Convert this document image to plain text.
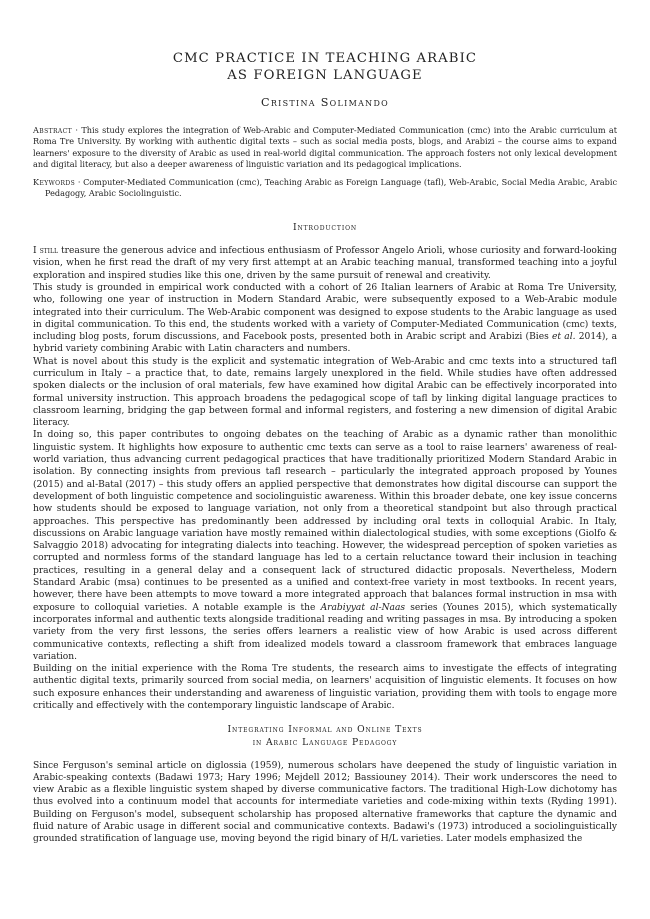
CMC PRACTICE IN TEACHING ARABIC
AS FOREIGN LANGUAGE
Cristina Solimando

Abstract · This study explores the integration of Web-Arabic and Computer-Mediated Communication (cmc) into the Arabic curriculum at Roma Tre University. By working with authentic digital texts – such as social media posts, blogs, and Arabizi – the course aims to expand learners' exposure to the diversity of Arabic as used in real-world digital communication. The approach fosters not only lexical development and digital literacy, but also a deeper awareness of linguistic variation and its pedagogical implications.

Keywords · Computer-Mediated Communication (cmc), Teaching Arabic as Foreign Language (tafl), Web-Arabic, Social Media Arabic, Arabic Pedagogy, Arabic Sociolinguistic.

Introduction

I still treasure the generous advice and infectious enthusiasm of Professor Angelo Arioli, whose curiosity and forward-looking vision, when he first read the draft of my very first attempt at an Arabic teaching manual, transformed teaching into a joyful exploration and inspired studies like this one, driven by the same pursuit of renewal and creativity.

This study is grounded in empirical work conducted with a cohort of 26 Italian learners of Arabic at Roma Tre University, who, following one year of instruction in Modern Standard Arabic, were subsequently exposed to a Web-Arabic module integrated into their curriculum. The Web-Arabic component was designed to expose students to the Arabic language as used in digital communication. To this end, the students worked with a variety of Computer-Mediated Communication (cmc) texts, including blog posts, forum discussions, and Facebook posts, presented both in Arabic script and Arabizi (Bies et al. 2014), a hybrid variety combining Arabic with Latin characters and numbers.

What is novel about this study is the explicit and systematic integration of Web-Arabic and cmc texts into a structured tafl curriculum in Italy – a practice that, to date, remains largely unexplored in the field. While studies have often addressed spoken dialects or the inclusion of oral materials, few have examined how digital Arabic can be effectively incorporated into formal university instruction. This approach broadens the pedagogical scope of tafl by linking digital language practices to classroom learning, bridging the gap between formal and informal registers, and fostering a new dimension of digital Arabic literacy.

In doing so, this paper contributes to ongoing debates on the teaching of Arabic as a dynamic rather than monolithic linguistic system. It highlights how exposure to authentic cmc texts can serve as a tool to raise learners' awareness of real-world variation, thus advancing current pedagogical practices that have traditionally prioritized Modern Standard Arabic in isolation. By connecting insights from previous tafl research – particularly the integrated approach proposed by Younes (2015) and al-Batal (2017) – this study offers an applied perspective that demonstrates how digital discourse can support the development of both linguistic competence and sociolinguistic awareness. Within this broader debate, one key issue concerns how students should be exposed to language variation, not only from a theoretical standpoint but also through practical approaches. This perspective has predominantly been addressed by including oral texts in colloquial Arabic. In Italy, discussions on Arabic language variation have mostly remained within dialectological studies, with some exceptions (Giolfo & Salvaggio 2018) advocating for integrating dialects into teaching. However, the widespread perception of spoken varieties as corrupted and normless forms of the standard language has led to a certain reluctance toward their inclusion in teaching practices, resulting in a general delay and a consequent lack of structured didactic proposals. Nevertheless, Modern Standard Arabic (msa) continues to be presented as a unified and context-free variety in most textbooks. In recent years, however, there have been attempts to move toward a more integrated approach that balances formal instruction in msa with exposure to colloquial varieties. A notable example is the Arabiyyat al-Naas series (Younes 2015), which systematically incorporates informal and authentic texts alongside traditional reading and writing passages in msa. By introducing a spoken variety from the very first lessons, the series offers learners a realistic view of how Arabic is used across different communicative contexts, reflecting a shift from idealized models toward a classroom framework that embraces language variation.

Building on the initial experience with the Roma Tre students, the research aims to investigate the effects of integrating authentic digital texts, primarily sourced from social media, on learners' acquisition of linguistic elements. It focuses on how such exposure enhances their understanding and awareness of linguistic variation, providing them with tools to engage more critically and effectively with the contemporary linguistic landscape of Arabic.

Integrating Informal and Online Texts
in Arabic Language Pedagogy

Since Ferguson's seminal article on diglossia (1959), numerous scholars have deepened the study of linguistic variation in Arabic-speaking contexts (Badawi 1973; Hary 1996; Mejdell 2012; Bassiouney 2014). Their work underscores the need to view Arabic as a flexible linguistic system shaped by diverse communicative factors. The traditional High-Low dichotomy has thus evolved into a continuum model that accounts for intermediate varieties and code-mixing within texts (Ryding 1991). Building on Ferguson's model, subsequent scholarship has proposed alternative frameworks that capture the dynamic and fluid nature of Arabic usage in different social and communicative contexts. Badawi's (1973) introduced a sociolinguistically grounded stratification of language use, moving beyond the rigid binary of H/L varieties. Later models emphasized the
